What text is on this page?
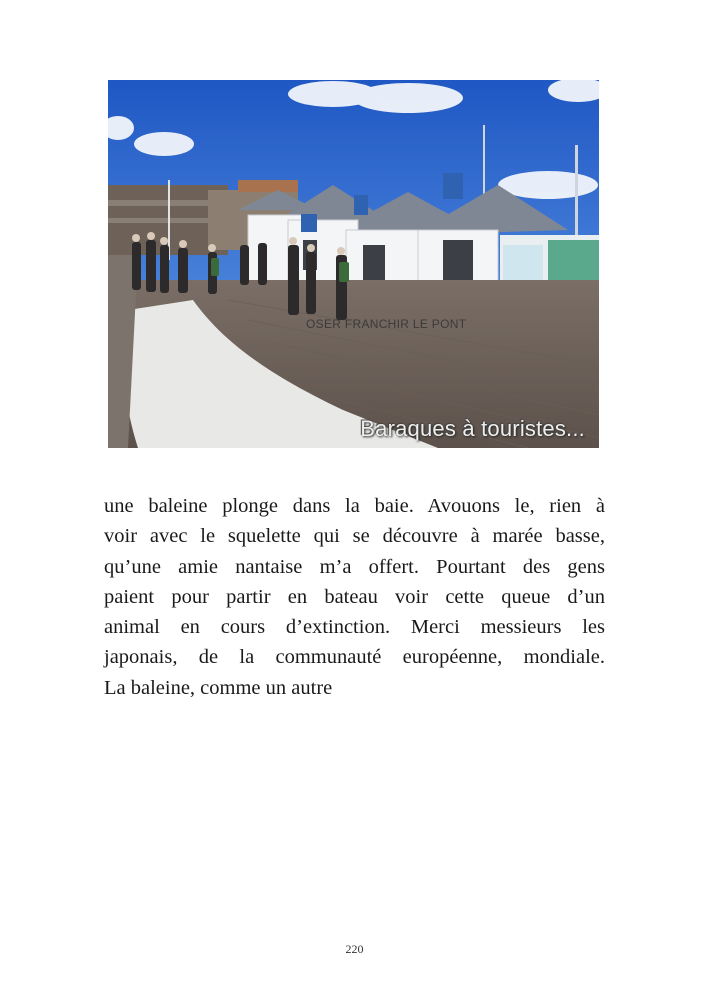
OSER FRANCHIR LE PONT
Baraques à touristes...
une baleine plonge dans la baie. Avouons le, rien à
voir avec le squelette qui se découvre à marée basse,
qu’une amie nantaise m’a offert. Pourtant des gens
paient pour partir en bateau voir cette queue d’un
animal en cours d’extinction. Merci messieurs les
japonais, de la communauté européenne, mondiale.
La baleine, comme un autre
220
